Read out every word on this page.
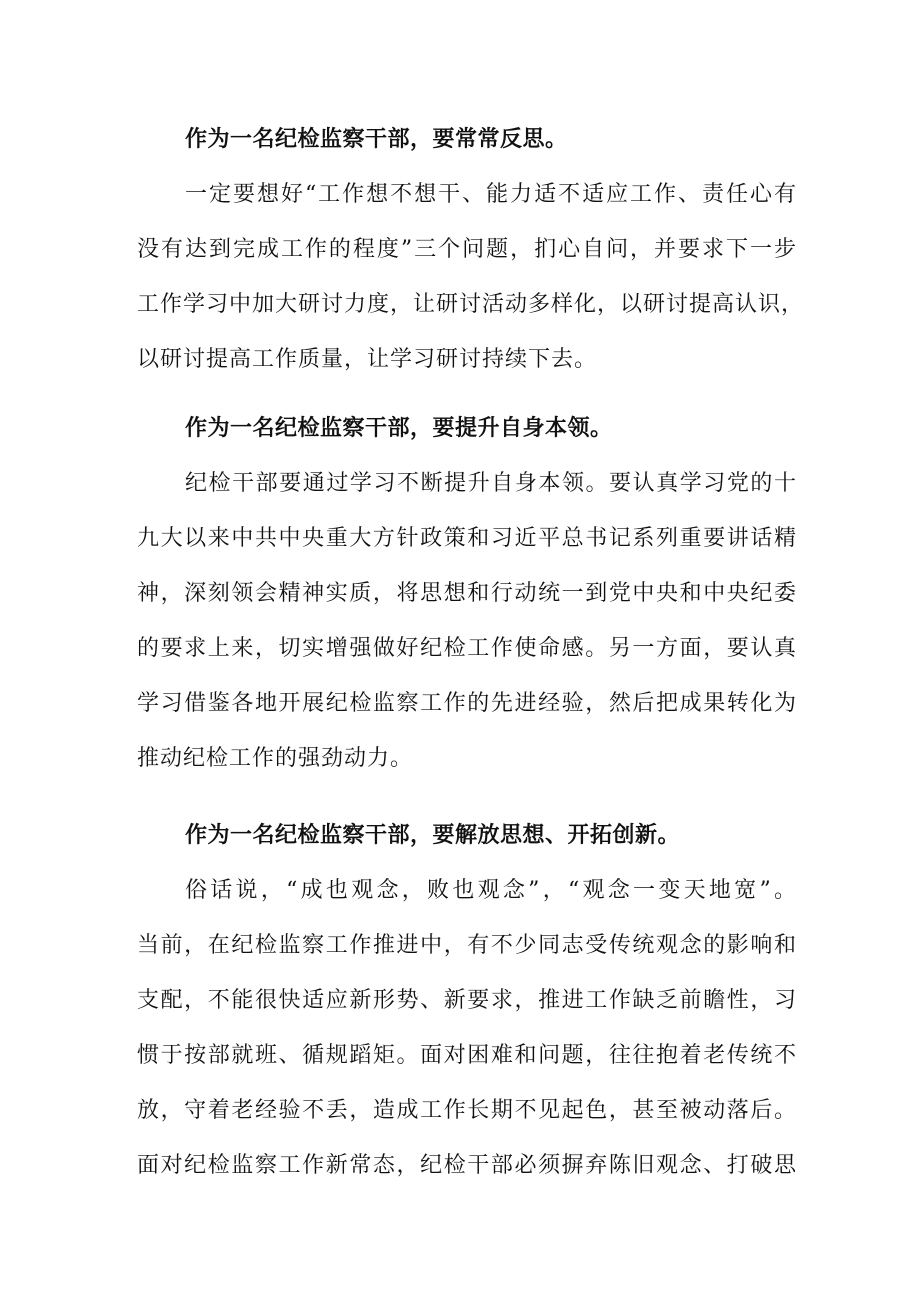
作为一名纪检监察干部，要常常反思。

一定要想好“工作想不想干、能力适不适应工作、责任心有
没有达到完成工作的程度”三个问题，扪心自问，并要求下一步
工作学习中加大研讨力度，让研讨活动多样化，以研讨提高认识，
以研讨提高工作质量，让学习研讨持续下去。

作为一名纪检监察干部，要提升自身本领。

纪检干部要通过学习不断提升自身本领。要认真学习党的十
九大以来中共中央重大方针政策和习近平总书记系列重要讲话精
神，深刻领会精神实质，将思想和行动统一到党中央和中央纪委
的要求上来，切实增强做好纪检工作使命感。另一方面，要认真
学习借鉴各地开展纪检监察工作的先进经验，然后把成果转化为
推动纪检工作的强劲动力。

作为一名纪检监察干部，要解放思想、开拓创新。

俗话说，“成也观念，败也观念”，“观念一变天地宽”。
当前，在纪检监察工作推进中，有不少同志受传统观念的影响和
支配，不能很快适应新形势、新要求，推进工作缺乏前瞻性，习
惯于按部就班、循规蹈矩。面对困难和问题，往往抱着老传统不
放，守着老经验不丢，造成工作长期不见起色，甚至被动落后。
面对纪检监察工作新常态，纪检干部必须摒弃陈旧观念、打破思
